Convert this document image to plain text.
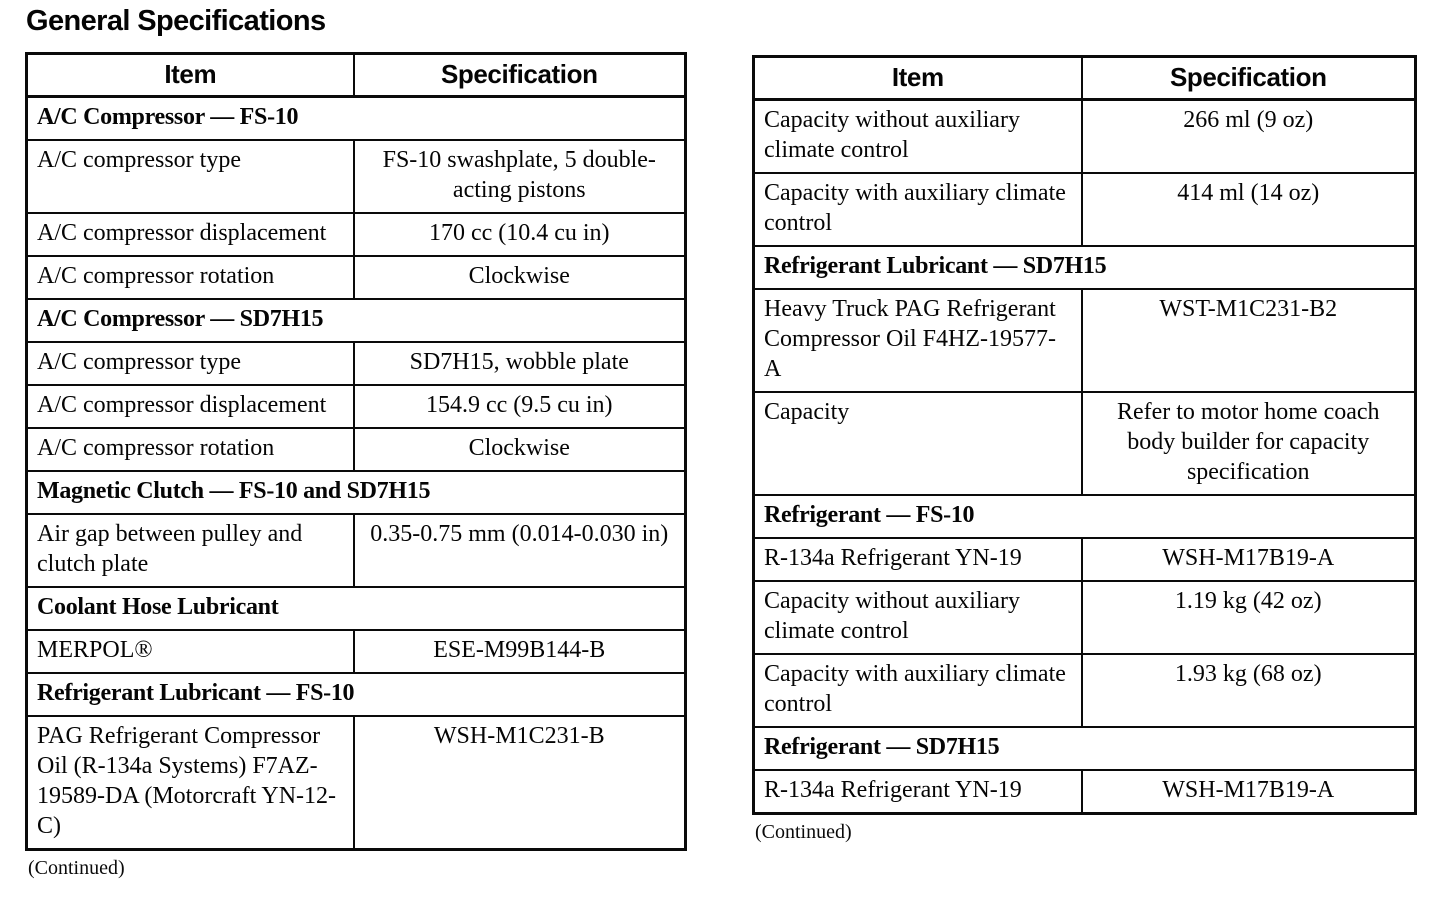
General Specifications
Item	Specification
A/C Compressor — FS-10	
A/C compressor type	FS-10 swashplate, 5 double-acting pistons
A/C compressor displacement	170 cc (10.4 cu in)
A/C compressor rotation	Clockwise
A/C Compressor — SD7H15	
A/C compressor type	SD7H15, wobble plate
A/C compressor displacement	154.9 cc (9.5 cu in)
A/C compressor rotation	Clockwise
Magnetic Clutch — FS-10 and SD7H15	
Air gap between pulley and clutch plate	0.35-0.75 mm (0.014-0.030 in)
Coolant Hose Lubricant	
MERPOL®	ESE-M99B144-B
Refrigerant Lubricant — FS-10	
PAG Refrigerant Compressor Oil (R-134a Systems) F7AZ-19589-DA (Motorcraft YN-12-C)	WSH-M1C231-B
(Continued)
Item	Specification
Capacity without auxiliary climate control	266 ml (9 oz)
Capacity with auxiliary climate control	414 ml (14 oz)
Refrigerant Lubricant — SD7H15	
Heavy Truck PAG Refrigerant Compressor Oil F4HZ-19577-A	WST-M1C231-B2
Capacity	Refer to motor home coach body builder for capacity specification
Refrigerant — FS-10	
R-134a Refrigerant YN-19	WSH-M17B19-A
Capacity without auxiliary climate control	1.19 kg (42 oz)
Capacity with auxiliary climate control	1.93 kg (68 oz)
Refrigerant — SD7H15	
R-134a Refrigerant YN-19	WSH-M17B19-A
(Continued)
